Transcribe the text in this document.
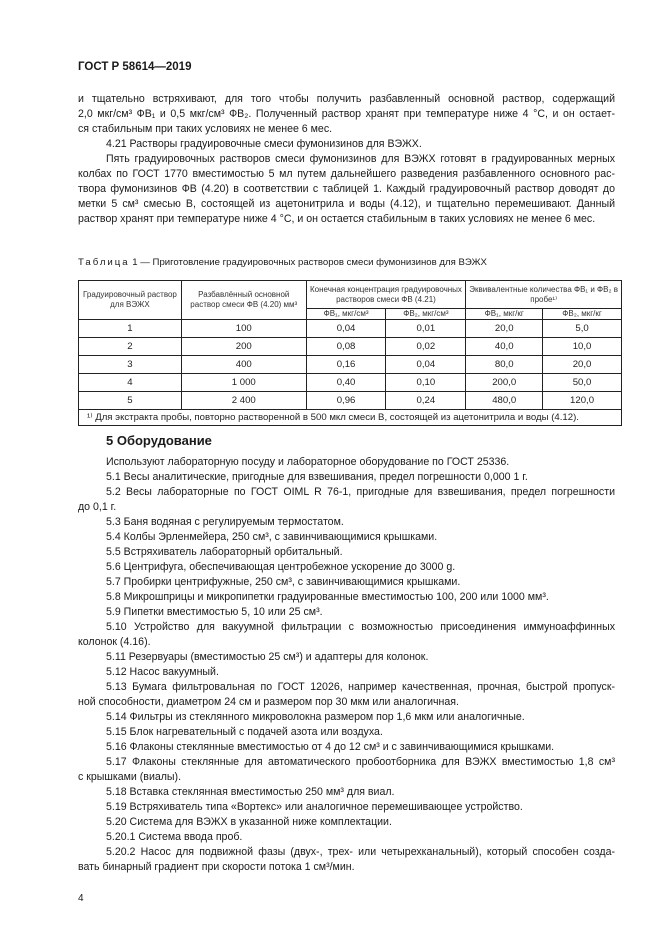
ГОСТ Р 58614—2019
и тщательно встряхивают, для того чтобы получить разбавленный основной раствор, содержащий
2,0 мкг/см³ ФВ₁ и 0,5 мкг/см³ ФВ₂. Полученный раствор хранят при температуре ниже 4 °С, и он остает-
ся стабильным при таких условиях не менее 6 мес.
4.21 Растворы градуировочные смеси фумонизинов для ВЭЖХ.
Пять градуировочных растворов смеси фумонизинов для ВЭЖХ готовят в градуированных мерных
колбах по ГОСТ 1770 вместимостью 5 мл путем дальнейшего разведения разбавленного основного рас-
твора фумонизинов ФВ (4.20) в соответствии с таблицей 1. Каждый градуировочный раствор доводят до
метки 5 см³ смесью В, состоящей из ацетонитрила и воды (4.12), и тщательно перемешивают. Данный
раствор хранят при температуре ниже 4 °С, и он остается стабильным в таких условиях не менее 6 мес.
Таблица 1 — Приготовление градуировочных растворов смеси фумонизинов для ВЭЖХ
Градуировочный раствор для ВЭЖХ	Разбавлённый основной раствор смеси ФВ (4.20) мм³	Конечная концентрация градуировочных растворов смеси ФВ (4.21)		Эквивалентные количества ФВ₁ и ФВ₂ в пробе¹⁾	
		ФВ₁, мкг/см³	ФВ₂, мкг/см³	ФВ₁, мкг/кг	ФВ₂, мкг/кг
1	100	0,04	0,01	20,0	5,0
2	200	0,08	0,02	40,0	10,0
3	400	0,16	0,04	80,0	20,0
4	1 000	0,40	0,10	200,0	50,0
5	2 400	0,96	0,24	480,0	120,0
¹⁾ Для экстракта пробы, повторно растворенной в 500 мкл смеси В, состоящей из ацетонитрила и воды (4.12).					
5 Оборудование
Используют лабораторную посуду и лабораторное оборудование по ГОСТ 25336.
5.1 Весы аналитические, пригодные для взвешивания, предел погрешности 0,000 1 г.
5.2 Весы лабораторные по ГОСТ OIML R 76-1, пригодные для взвешивания, предел погрешности
до 0,1 г.
5.3 Баня водяная с регулируемым термостатом.
5.4 Колбы Эрленмейера, 250 см³, с завинчивающимися крышками.
5.5 Встряхиватель лабораторный орбитальный.
5.6 Центрифуга, обеспечивающая центробежное ускорение до 3000 g.
5.7 Пробирки центрифужные, 250 см³, с завинчивающимися крышками.
5.8 Микрошприцы и микропипетки градуированные вместимостью 100, 200 или 1000 мм³.
5.9 Пипетки вместимостью 5, 10 или 25 см³.
5.10 Устройство для вакуумной фильтрации с возможностью присоединения иммуноаффинных
колонок (4.16).
5.11 Резервуары (вместимостью 25 см³) и адаптеры для колонок.
5.12 Насос вакуумный.
5.13 Бумага фильтровальная по ГОСТ 12026, например качественная, прочная, быстрой пропуск-
ной способности, диаметром 24 см и размером пор 30 мкм или аналогичная.
5.14 Фильтры из стеклянного микроволокна размером пор 1,6 мкм или аналогичные.
5.15 Блок нагревательный с подачей азота или воздуха.
5.16 Флаконы стеклянные вместимостью от 4 до 12 см³ и с завинчивающимися крышками.
5.17 Флаконы стеклянные для автоматического пробоотборника для ВЭЖХ вместимостью 1,8 см³
с крышками (виалы).
5.18 Вставка стеклянная вместимостью 250 мм³ для виал.
5.19 Встряхиватель типа «Вортекс» или аналогичное перемешивающее устройство.
5.20 Система для ВЭЖХ в указанной ниже комплектации.
5.20.1 Система ввода проб.
5.20.2 Насос для подвижной фазы (двух-, трех- или четырехканальный), который способен созда-
вать бинарный градиент при скорости потока 1 см³/мин.
4
